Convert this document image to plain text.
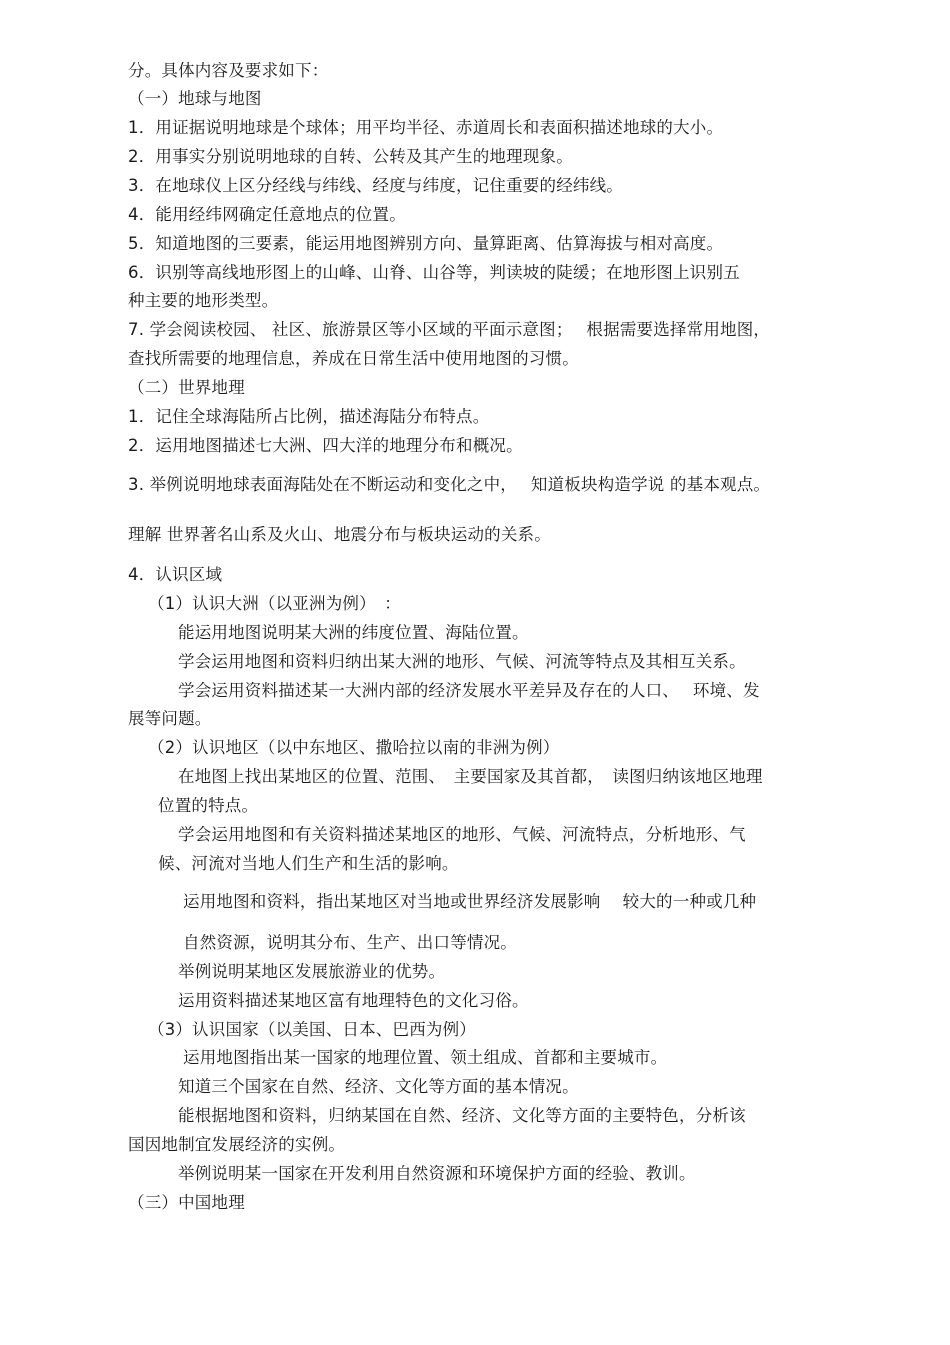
分。具体内容及要求如下：
（一）地球与地图
1．用证据说明地球是个球体；用平均半径、赤道周长和表面积描述地球的大小。
2．用事实分别说明地球的自转、公转及其产生的地理现象。
3．在地球仪上区分经线与纬线、经度与纬度，记住重要的经纬线。
4．能用经纬网确定任意地点的位置。
5．知道地图的三要素，能运用地图辨别方向、量算距离、估算海拔与相对高度。
6．识别等高线地形图上的山峰、山脊、山谷等，判读坡的陡缓；在地形图上识别五
种主要的地形类型。
7. 学会阅读校园、 社区、旅游景区等小区域的平面示意图；　 根据需要选择常用地图，
查找所需要的地理信息，养成在日常生活中使用地图的习惯。
（二）世界地理
1．记住全球海陆所占比例，描述海陆分布特点。
2．运用地图描述七大洲、四大洋的地理分布和概况。
3. 举例说明地球表面海陆处在不断运动和变化之中，　 知道板块构造学说 的基本观点。
理解 世界著名山系及火山、地震分布与板块运动的关系。
4．认识区域
（1）认识大洲（以亚洲为例）　：
能运用地图说明某大洲的纬度位置、海陆位置。
学会运用地图和资料归纳出某大洲的地形、气候、河流等特点及其相互关系。
学会运用资料描述某一大洲内部的经济发展水平差异及存在的人口、　 环境、发
展等问题。
（2）认识地区（以中东地区、撒哈拉以南的非洲为例）
在地图上找出某地区的位置、范围、　主要国家及其首都，　读图归纳该地区地理
位置的特点。
学会运用地图和有关资料描述某地区的地形、气候、河流特点，分析地形、气
候、河流对当地人们生产和生活的影响。
运用地图和资料，指出某地区对当地或世界经济发展影响　 较大的一种或几种
自然资源，说明其分布、生产、出口等情况。
举例说明某地区发展旅游业的优势。
运用资料描述某地区富有地理特色的文化习俗。
（3）认识国家（以美国、日本、巴西为例）
运用地图指出某一国家的地理位置、领土组成、首都和主要城市。
知道三个国家在自然、经济、文化等方面的基本情况。
能根据地图和资料，归纳某国在自然、经济、文化等方面的主要特色，分析该
国因地制宜发展经济的实例。
举例说明某一国家在开发利用自然资源和环境保护方面的经验、教训。
（三）中国地理
